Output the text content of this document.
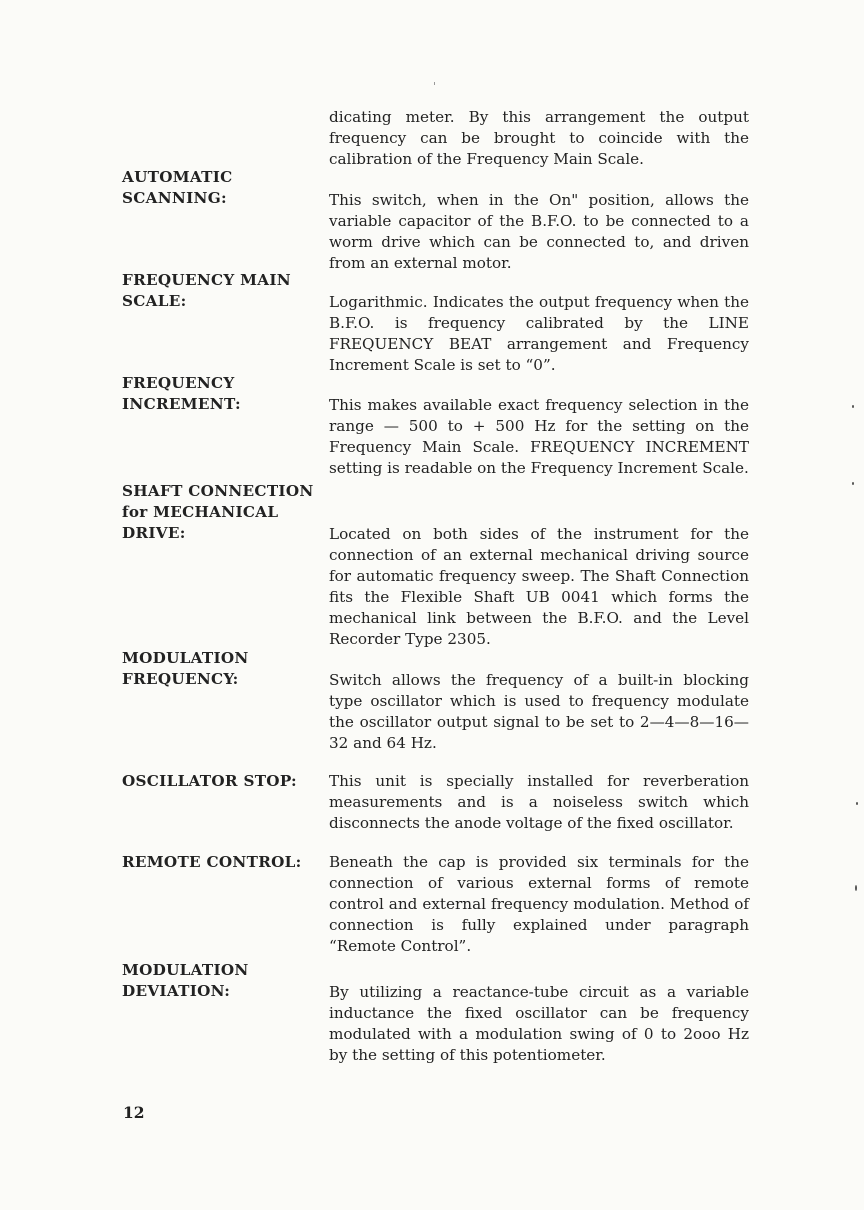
dicating meter. By this arrangement the output frequency can be brought to coincide with the calibration of the Frequency Main Scale.

AUTOMATIC
SCANNING:	This switch, when in the On" position, allows the variable capacitor of the B.F.O. to be connected to a worm drive which can be connected to, and driven from an external motor.

FREQUENCY MAIN
SCALE:	Logarithmic. Indicates the output frequency when the B.F.O. is frequency calibrated by the LINE FREQUENCY BEAT arrangement and Frequency Increment Scale is set to “0”.

FREQUENCY
INCREMENT:	This makes available exact frequency selection in the range — 500 to + 500 Hz for the setting on the Frequency Main Scale. FREQUENCY INCREMENT setting is readable on the Frequency Increment Scale.

SHAFT CONNECTION
for MECHANICAL
DRIVE:	Located on both sides of the instrument for the connection of an external mechanical driving source for automatic frequency sweep. The Shaft Connection fits the Flexible Shaft UB 0041 which forms the mechanical link between the B.F.O. and the Level Recorder Type 2305.

MODULATION
FREQUENCY:	Switch allows the frequency of a built-in blocking type oscillator which is used to frequency modulate the oscillator output signal to be set to 2—4—8—16—32 and 64 Hz.

OSCILLATOR STOP:	This unit is specially installed for reverberation measurements and is a noiseless switch which disconnects the anode voltage of the fixed oscillator.

REMOTE CONTROL:	Beneath the cap is provided six terminals for the connection of various external forms of remote control and external frequency modulation. Method of connection is fully explained under paragraph “Remote Control”.

MODULATION
DEVIATION:	By utilizing a reactance-tube circuit as a variable inductance the fixed oscillator can be frequency modulated with a modulation swing of 0 to 2ooo Hz by the setting of this potentiometer.

12
